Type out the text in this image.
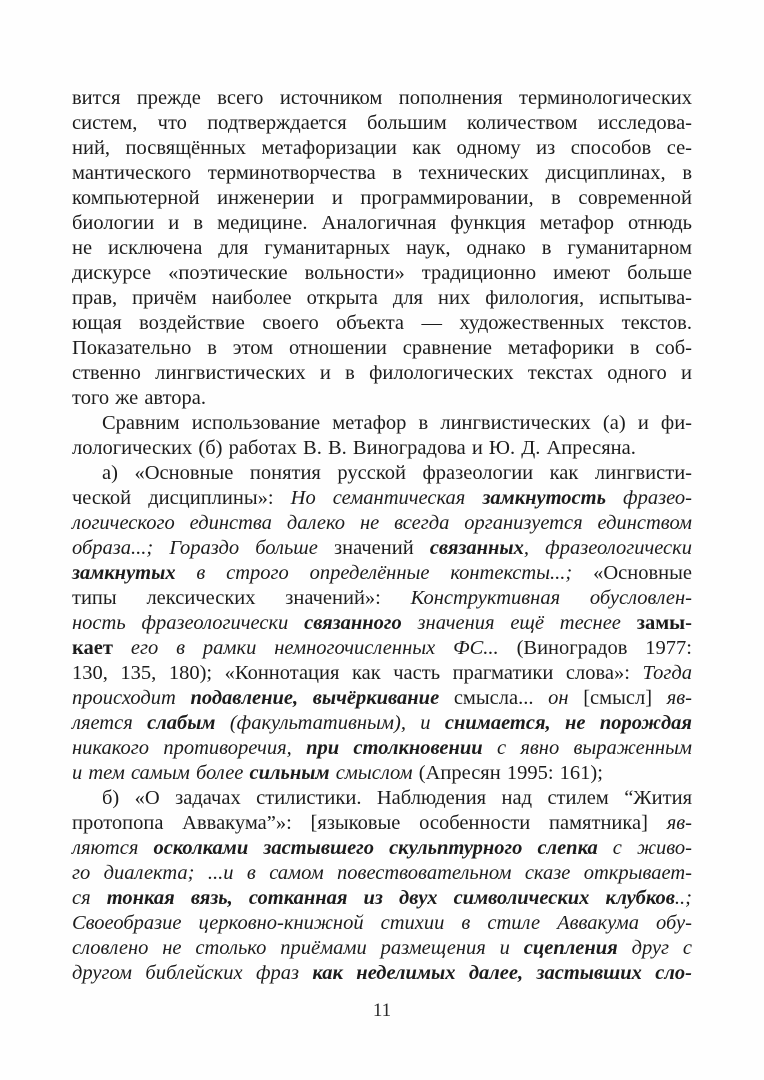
вится прежде всего источником пополнения терминологических
систем, что подтверждается большим количеством исследова-
ний, посвящённых метафоризации как одному из способов се-
мантического терминотворчества в технических дисциплинах, в
компьютерной инженерии и программировании, в современной
биологии и в медицине. Аналогичная функция метафор отнюдь
не исключена для гуманитарных наук, однако в гуманитарном
дискурсе «поэтические вольности» традиционно имеют больше
прав, причём наиболее открыта для них филология, испытыва-
ющая воздействие своего объекта — художественных текстов.
Показательно в этом отношении сравнение метафорики в соб-
ственно лингвистических и в филологических текстах одного и
того же автора.
Сравним использование метафор в лингвистических (а) и фи-
лологических (б) работах В. В. Виноградова и Ю. Д. Апресяна.
а) «Основные понятия русской фразеологии как лингвисти-
ческой дисциплины»: Но семантическая замкнутость фразео-
логического единства далеко не всегда организуется единством
образа...; Гораздо больше значений связанных, фразеологически
замкнутых в строго определённые контексты...; «Основные
типы лексических значений»: Конструктивная обусловлен-
ность фразеологически связанного значения ещё теснее замы-
кает его в рамки немногочисленных ФС... (Виноградов 1977:
130, 135, 180); «Коннотация как часть прагматики слова»: Тогда
происходит подавление, вычёркивание смысла... он [смысл] яв-
ляется слабым (факультативным), и снимается, не порождая
никакого противоречия, при столкновении с явно выраженным
и тем самым более сильным смыслом (Апресян 1995: 161);
б) «О задачах стилистики. Наблюдения над стилем “Жития
протопопа Аввакума”»: [языковые особенности памятника] яв-
ляются осколками застывшего скульптурного слепка с живо-
го диалекта; ...и в самом повествовательном сказе открывает-
ся тонкая вязь, сотканная из двух символических клубков..;
Своеобразие церковно-книжной стихии в стиле Аввакума обу-
словлено не столько приёмами размещения и сцепления друг с
другом библейских фраз как неделимых далее, застывших сло-
11
